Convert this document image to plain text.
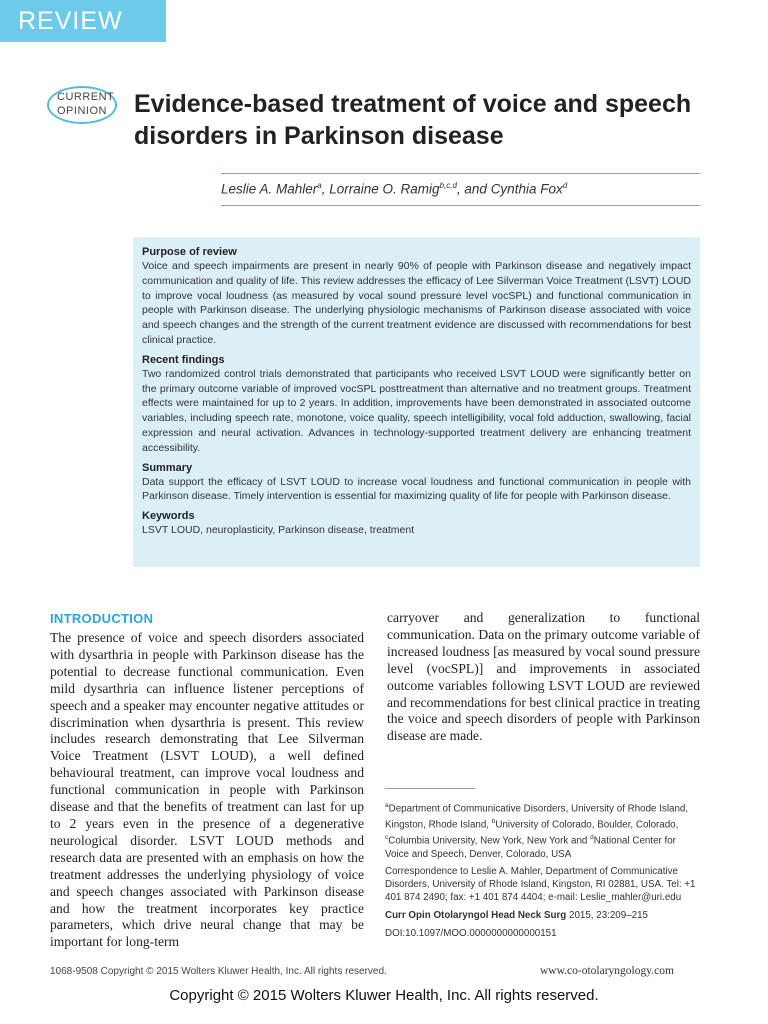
REVIEW
CURRENT
OPINION Evidence-based treatment of voice and speech disorders in Parkinson disease
Leslie A. Mahler$^a$, Lorraine O. Ramig$^{b,c,d}$, and Cynthia Fox$^d$

Purpose of review

Voice and speech impairments are present in nearly 90% of people with Parkinson disease and negatively impact communication and quality of life. This review addresses the efficacy of Lee Silverman Voice Treatment (LSVT) LOUD to improve vocal loudness (as measured by vocal sound pressure level vocSPL) and functional communication in people with Parkinson disease. The underlying physiologic mechanisms of Parkinson disease associated with voice and speech changes and the strength of the current treatment evidence are discussed with recommendations for best clinical practice.

Recent findings

Two randomized control trials demonstrated that participants who received LSVT LOUD were significantly better on the primary outcome variable of improved vocSPL posttreatment than alternative and no treatment groups. Treatment effects were maintained for up to 2 years. In addition, improvements have been demonstrated in associated outcome variables, including speech rate, monotone, voice quality, speech intelligibility, vocal fold adduction, swallowing, facial expression and neural activation. Advances in technology-supported treatment delivery are enhancing treatment accessibility.

Summary

Data support the efficacy of LSVT LOUD to increase vocal loudness and functional communication in people with Parkinson disease. Timely intervention is essential for maximizing quality of life for people with Parkinson disease.

Keywords

LSVT LOUD, neuroplasticity, Parkinson disease, treatment

INTRODUCTION
The presence of voice and speech disorders associated with dysarthria in people with Parkinson disease has the potential to decrease functional communication. Even mild dysarthria can influence listener perceptions of speech and a speaker may encounter negative attitudes or discrimination when dysarthria is present. This review includes research demonstrating that Lee Silverman Voice Treatment (LSVT LOUD), a well defined behavioural treatment, can improve vocal loudness and functional communication in people with Parkinson disease and that the benefits of treatment can last for up to 2 years even in the presence of a degenerative neurological disorder. LSVT LOUD methods and research data are presented with an emphasis on how the treatment addresses the underlying physiology of voice and speech changes associated with Parkinson disease and how the treatment incorporates key practice parameters, which drive neural change that may be important for long-term
carryover and generalization to functional communication. Data on the primary outcome variable of increased loudness [as measured by vocal sound pressure level (vocSPL)] and improvements in associated outcome variables following LSVT LOUD are reviewed and recommendations for best clinical practice in treating the voice and speech disorders of people with Parkinson disease are made.

$^a$Department of Communicative Disorders, University of Rhode Island, Kingston, Rhode Island, $^b$University of Colorado, Boulder, Colorado, $^c$Columbia University, New York, New York and $^d$National Center for Voice and Speech, Denver, Colorado, USA

Correspondence to Leslie A. Mahler, Department of Communicative Disorders, University of Rhode Island, Kingston, RI 02881, USA. Tel: +1 401 874 2490; fax: +1 401 874 4404; e-mail: Leslie_mahler@uri.edu

Curr Opin Otolaryngol Head Neck Surg 2015, 23:209–215

DOI:10.1097/MOO.0000000000000151

1068-9508 Copyright © 2015 Wolters Kluwer Health, Inc. All rights reserved.	www.co-otolaryngology.com
Copyright © 2015 Wolters Kluwer Health, Inc. All rights reserved.
